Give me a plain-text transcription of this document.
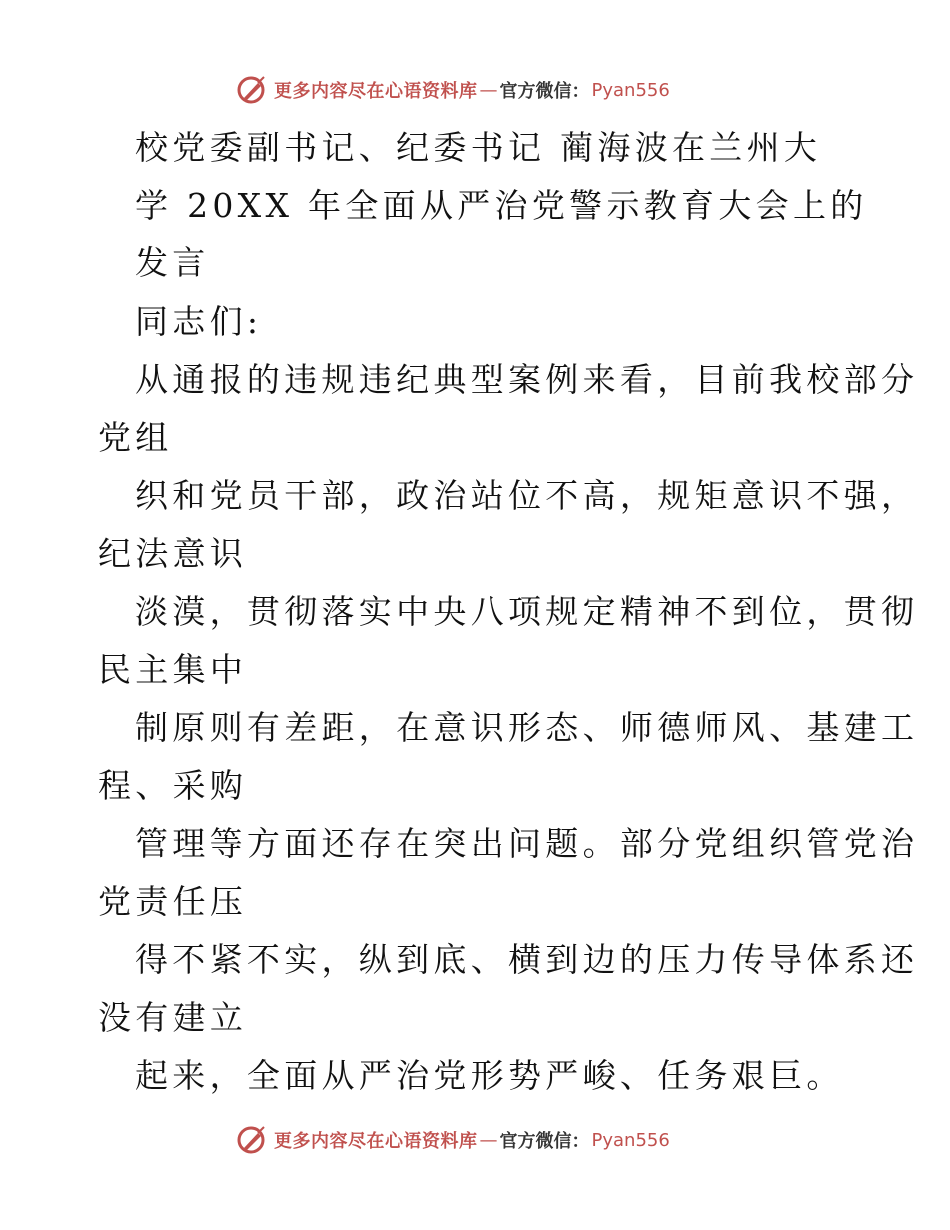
更多内容尽在心语资料库 — 官方微信： Pyan556

校党委副书记、纪委书记 蔺海波在兰州大

学 20XX 年全面从严治党警示教育大会上的

发言

同志们:

从通报的违规违纪典型案例来看，目前我校部分

党组

织和党员干部，政治站位不高，规矩意识不强，

纪法意识

淡漠，贯彻落实中央八项规定精神不到位，贯彻

民主集中

制原则有差距，在意识形态、师德师风、基建工

程、采购

管理等方面还存在突出问题。部分党组织管党治

党责任压

得不紧不实，纵到底、横到边的压力传导体系还

没有建立

起来，全面从严治党形势严峻、任务艰巨。

更多内容尽在心语资料库 — 官方微信： Pyan556
